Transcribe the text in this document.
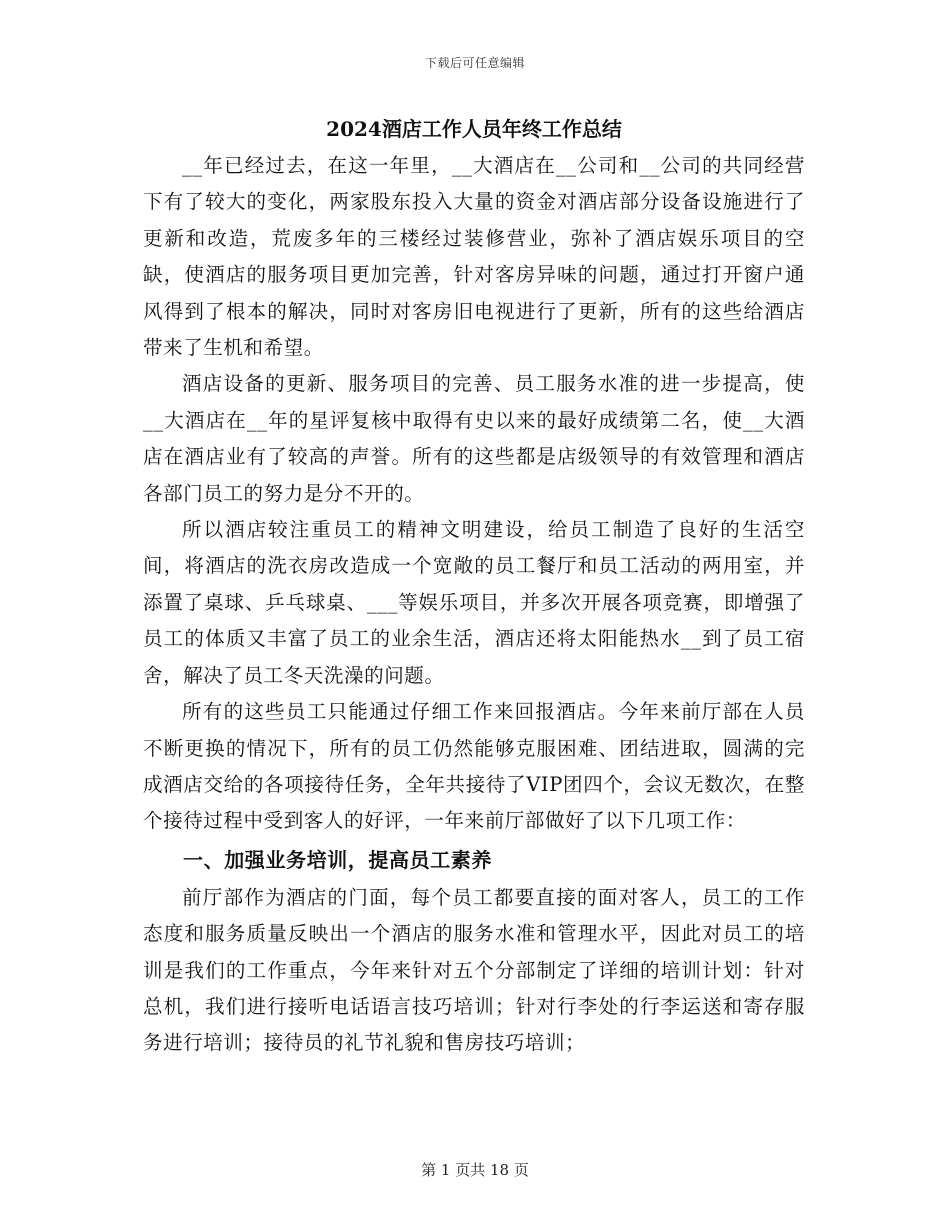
下载后可任意编辑
2024酒店工作人员年终工作总结

__年已经过去，在这一年里，__大酒店在__公司和__公司的共同经营下有了较大的变化，两家股东投入大量的资金对酒店部分设备设施进行了更新和改造，荒废多年的三楼经过装修营业，弥补了酒店娱乐项目的空缺，使酒店的服务项目更加完善，针对客房异味的问题，通过打开窗户通风得到了根本的解决，同时对客房旧电视进行了更新，所有的这些给酒店带来了生机和希望。

酒店设备的更新、服务项目的完善、员工服务水准的进一步提高，使__大酒店在__年的星评复核中取得有史以来的最好成绩第二名，使__大酒店在酒店业有了较高的声誉。所有的这些都是店级领导的有效管理和酒店各部门员工的努力是分不开的。

所以酒店较注重员工的精神文明建设，给员工制造了良好的生活空间，将酒店的洗衣房改造成一个宽敞的员工餐厅和员工活动的两用室，并添置了桌球、乒乓球桌、___等娱乐项目，并多次开展各项竞赛，即增强了员工的体质又丰富了员工的业余生活，酒店还将太阳能热水__到了员工宿舍，解决了员工冬天洗澡的问题。

所有的这些员工只能通过仔细工作来回报酒店。今年来前厅部在人员不断更换的情况下，所有的员工仍然能够克服困难、团结进取，圆满的完成酒店交给的各项接待任务，全年共接待了VIP团四个，会议无数次，在整个接待过程中受到客人的好评，一年来前厅部做好了以下几项工作：

一、加强业务培训，提高员工素养

前厅部作为酒店的门面，每个员工都要直接的面对客人，员工的工作态度和服务质量反映出一个酒店的服务水准和管理水平，因此对员工的培训是我们的工作重点，今年来针对五个分部制定了详细的培训计划：针对总机，我们进行接听电话语言技巧培训；针对行李处的行李运送和寄存服务进行培训；接待员的礼节礼貌和售房技巧培训；

第 1 页共 18 页
